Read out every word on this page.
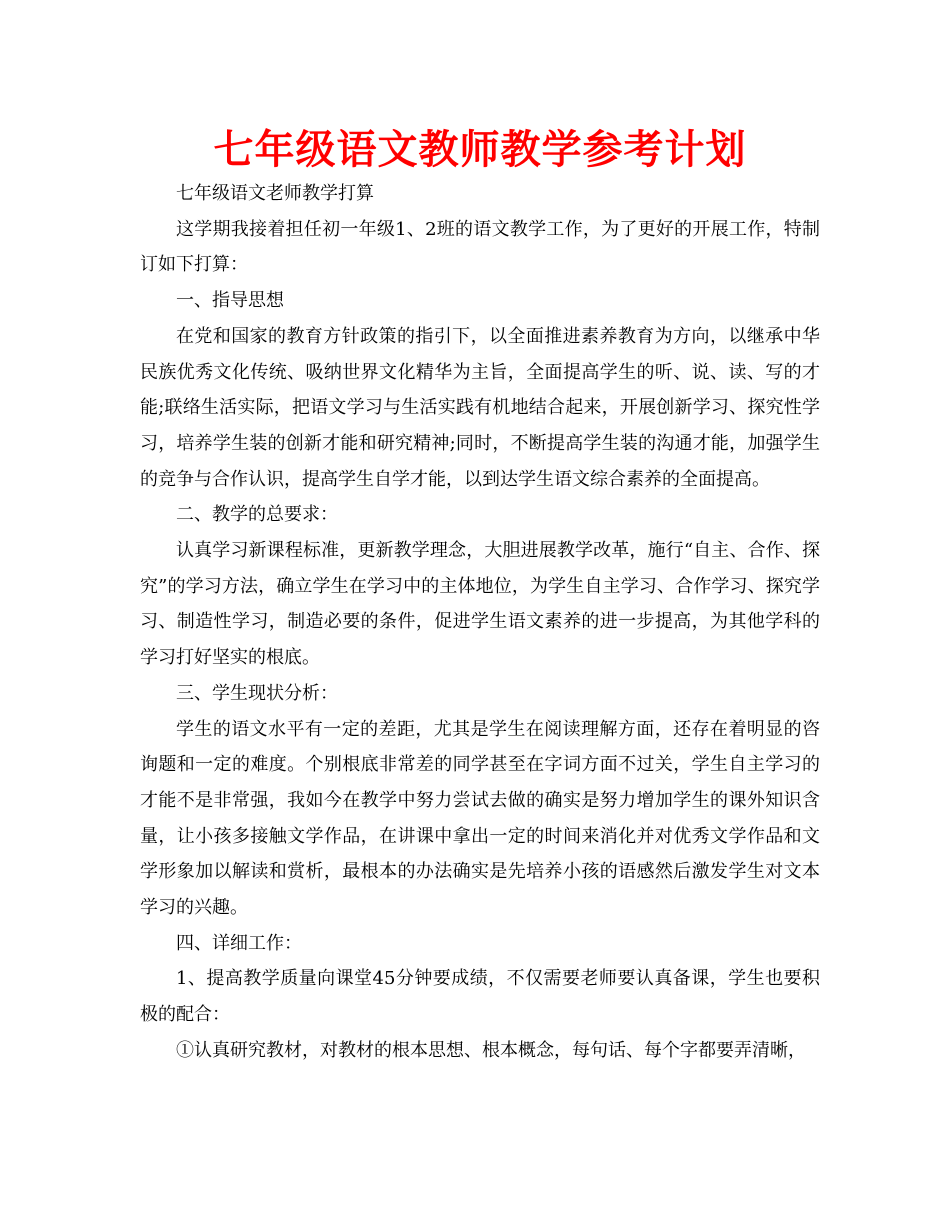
七年级语文教师教学参考计划

七年级语文老师教学打算

这学期我接着担任初一年级1、2班的语文教学工作，为了更好的开展工作，特制订如下打算：

一、指导思想

在党和国家的教育方针政策的指引下，以全面推进素养教育为方向，以继承中华民族优秀文化传统、吸纳世界文化精华为主旨，全面提高学生的听、说、读、写的才能;联络生活实际，把语文学习与生活实践有机地结合起来，开展创新学习、探究性学习，培养学生装的创新才能和研究精神;同时，不断提高学生装的沟通才能，加强学生的竞争与合作认识，提高学生自学才能，以到达学生语文综合素养的全面提高。

二、教学的总要求：

认真学习新课程标准，更新教学理念，大胆进展教学改革，施行“自主、合作、探究”的学习方法，确立学生在学习中的主体地位，为学生自主学习、合作学习、探究学习、制造性学习，制造必要的条件，促进学生语文素养的进一步提高，为其他学科的学习打好坚实的根底。

三、学生现状分析：

学生的语文水平有一定的差距，尤其是学生在阅读理解方面，还存在着明显的咨询题和一定的难度。个别根底非常差的同学甚至在字词方面不过关，学生自主学习的才能不是非常强，我如今在教学中努力尝试去做的确实是努力增加学生的课外知识含量，让小孩多接触文学作品，在讲课中拿出一定的时间来消化并对优秀文学作品和文学形象加以解读和赏析，最根本的办法确实是先培养小孩的语感然后激发学生对文本学习的兴趣。

四、详细工作：

1、提高教学质量向课堂45分钟要成绩，不仅需要老师要认真备课，学生也要积极的配合：

①认真研究教材，对教材的根本思想、根本概念，每句话、每个字都要弄清晰，
